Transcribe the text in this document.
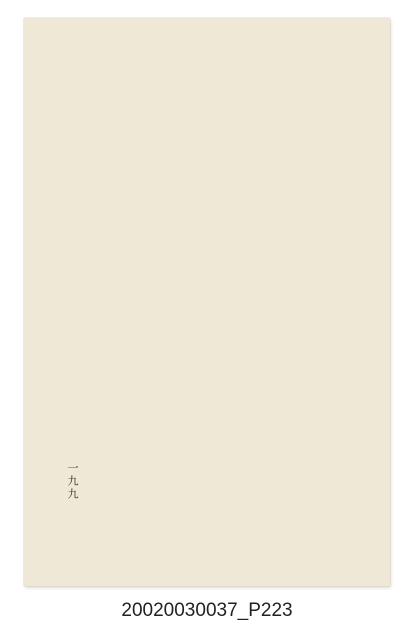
一九九
20020030037_P223
